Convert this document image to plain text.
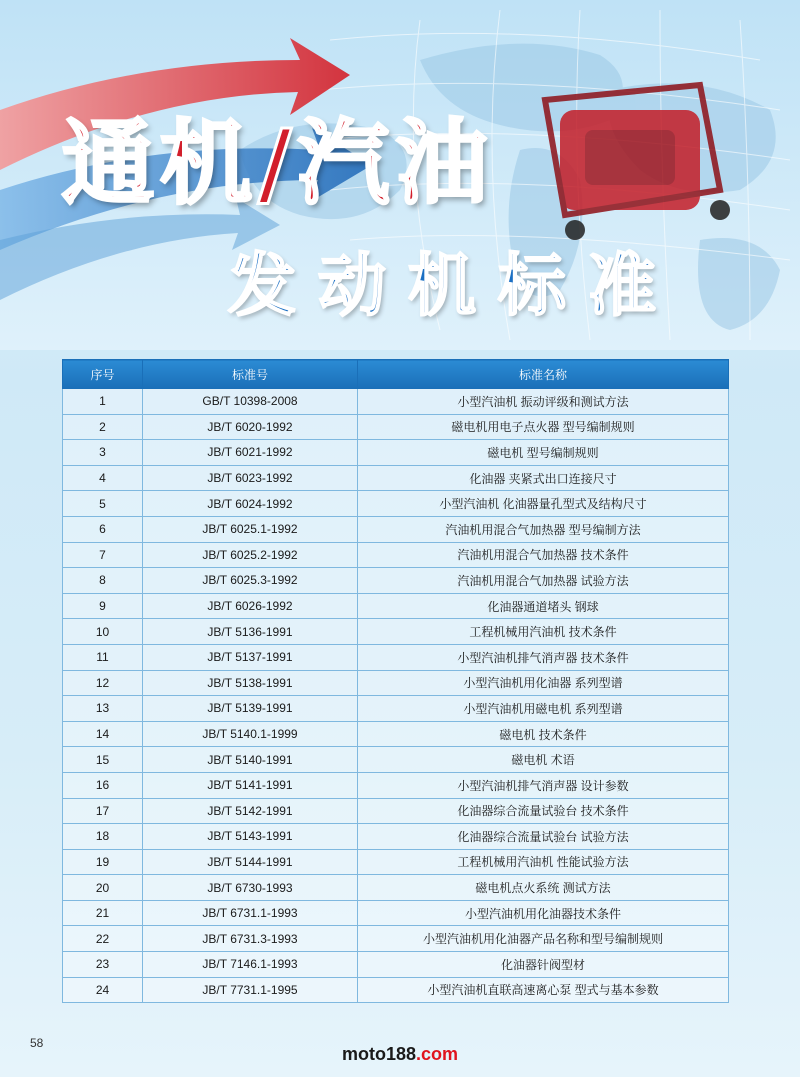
通机/汽油
发动机标准
序号	标准号	标准名称
1	GB/T 10398-2008	小型汽油机 振动评级和测试方法
2	JB/T 6020-1992	磁电机用电子点火器 型号编制规则
3	JB/T 6021-1992	磁电机 型号编制规则
4	JB/T 6023-1992	化油器 夹紧式出口连接尺寸
5	JB/T 6024-1992	小型汽油机 化油器量孔型式及结构尺寸
6	JB/T 6025.1-1992	汽油机用混合气加热器 型号编制方法
7	JB/T 6025.2-1992	汽油机用混合气加热器 技术条件
8	JB/T 6025.3-1992	汽油机用混合气加热器 试验方法
9	JB/T 6026-1992	化油器通道堵头 钢球
10	JB/T 5136-1991	工程机械用汽油机 技术条件
11	JB/T 5137-1991	小型汽油机排气消声器 技术条件
12	JB/T 5138-1991	小型汽油机用化油器 系列型谱
13	JB/T 5139-1991	小型汽油机用磁电机 系列型谱
14	JB/T 5140.1-1999	磁电机 技术条件
15	JB/T 5140-1991	磁电机 术语
16	JB/T 5141-1991	小型汽油机排气消声器 设计参数
17	JB/T 5142-1991	化油器综合流量试验台 技术条件
18	JB/T 5143-1991	化油器综合流量试验台 试验方法
19	JB/T 5144-1991	工程机械用汽油机 性能试验方法
20	JB/T 6730-1993	磁电机点火系统 测试方法
21	JB/T 6731.1-1993	小型汽油机用化油器技术条件
22	JB/T 6731.3-1993	小型汽油机用化油器产品名称和型号编制规则
23	JB/T 7146.1-1993	化油器针阀型材
24	JB/T 7731.1-1995	小型汽油机直联高速离心泵 型式与基本参数
58
moto188.com
